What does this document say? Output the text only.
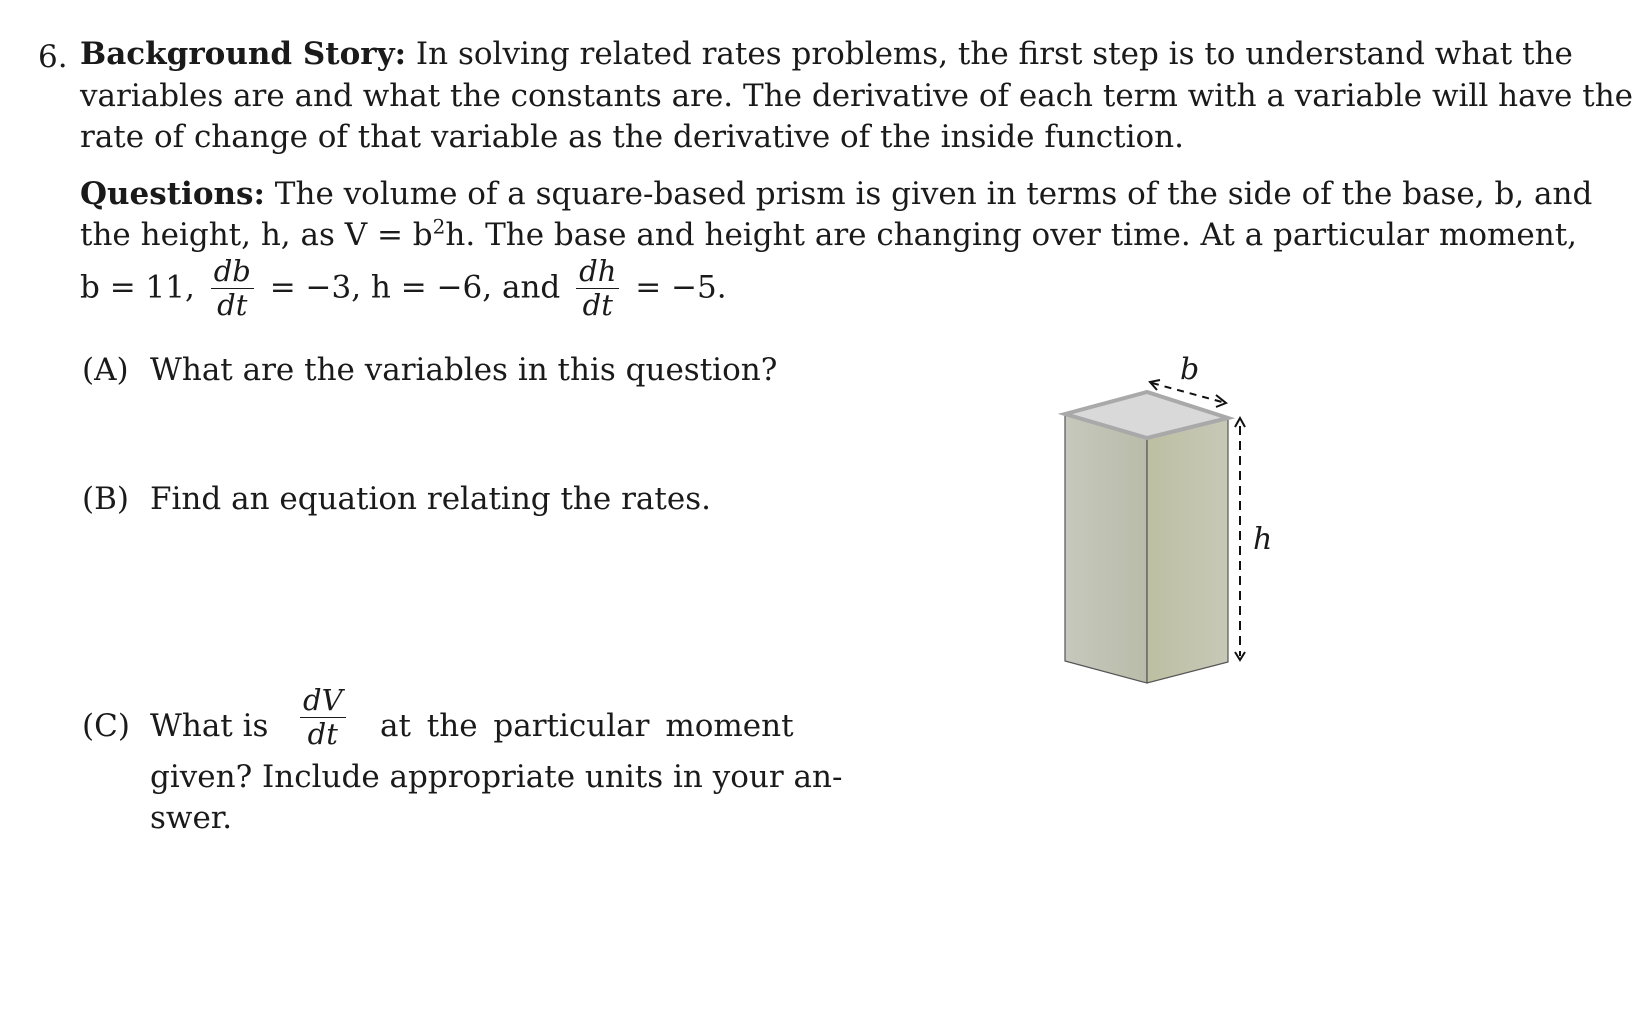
6. Background Story: In solving related rates problems, the first step is to understand what the
variables are and what the constants are. The derivative of each term with a variable will have the
rate of change of that variable as the derivative of the inside function.
Questions: The volume of a square-based prism is given in terms of the side of the base, b, and
the height, h, as $V = b^2h$. The base and height are changing over time. At a particular moment,
b = 11, $\frac{db}{dt} = -3$, h = −6, and $\frac{dh}{dt} = -5$.
(A) What are the variables in this question?
(B) Find an equation relating the rates.
(C) What is $\frac{dV}{dt}$ at the particular moment
given? Include appropriate units in your an-
swer.
b
h
